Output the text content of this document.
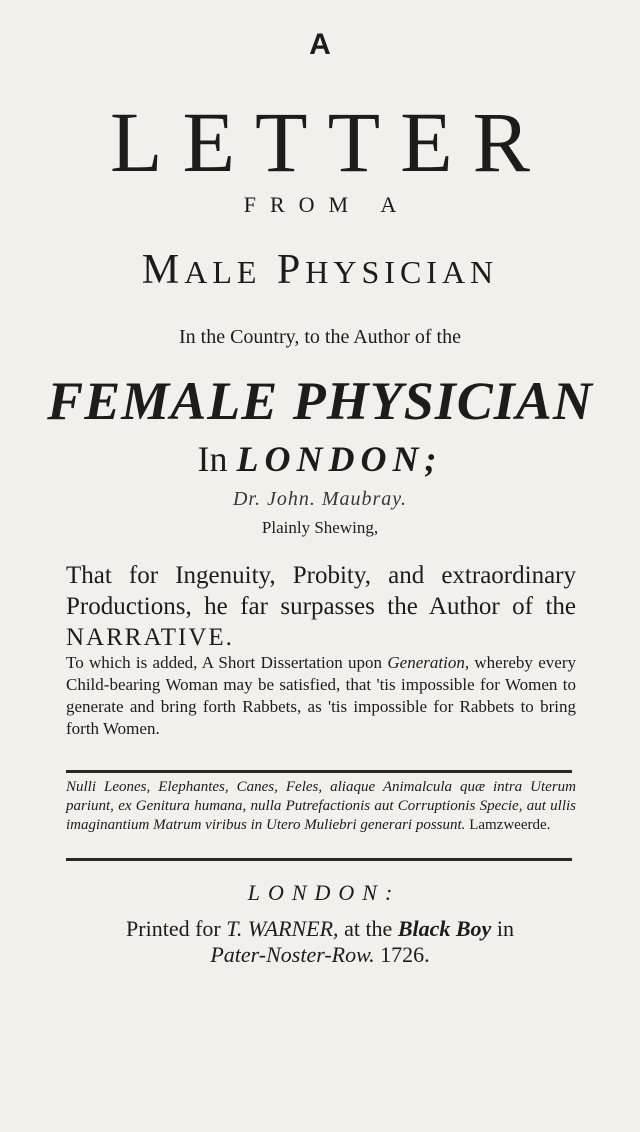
A
LETTER
FROM A
MALE PHYSICIAN
In the Country, to the Author of the
FEMALE PHYSICIAN
In LONDON;
Dr. John. Maubray.
Plainly Shewing,
That for Ingenuity, Probity, and extraordinary Productions, he far surpasses the Author of the NARRATIVE.
To which is added, A Short Dissertation upon Generation, whereby every Child-bearing Woman may be satisfied, that 'tis impossible for Women to generate and bring forth Rabbets, as 'tis impossible for Rabbets to bring forth Women.
Nulli Leones, Elephantes, Canes, Feles, aliaque Animalcula quæ intra Uterum pariunt, ex Genitura humana, nulla Putrefactionis aut Corruptionis Specie, aut ullis imaginantium Matrum viribus in Utero Muliebri generari possunt. Lamzweerde.
LONDON:
Printed for T. WARNER, at the Black Boy in
Pater-Noster-Row. 1726.
